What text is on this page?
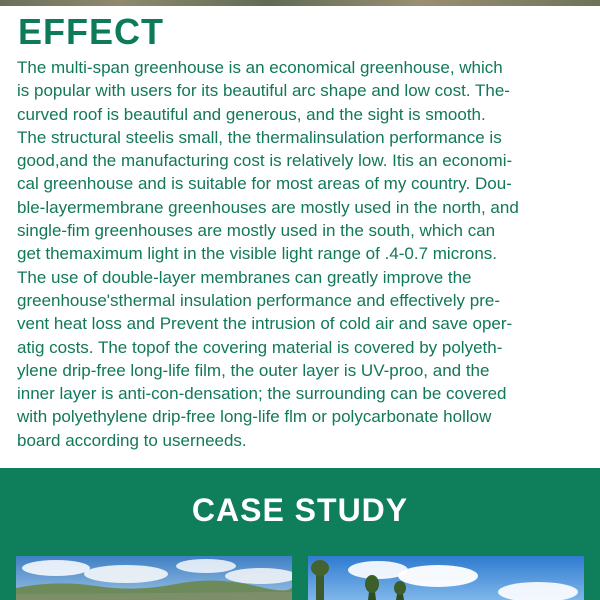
EFFECT
The multi-span greenhouse is an economical greenhouse, which
is popular with users for its beautiful arc shape and low cost. The-
curved roof is beautiful and generous, and the sight is smooth.
The structural steelis small, the thermalinsulation performance is
good,and the manufacturing cost is relatively low. Itis an economi-
cal greenhouse and is suitable for most areas of my country. Dou-
ble-layermembrane greenhouses are mostly used in the north, and
single-fim greenhouses are mostly used in the south, which can
get themaximum light in the visible light range of .4-0.7 microns.
The use of double-layer membranes can greatly improve the
greenhouse'sthermal insulation performance and effectively pre-
vent heat loss and Prevent the intrusion of cold air and save oper-
atig costs. The topof the covering material is covered by polyeth-
ylene drip-free long-life film, the outer layer is UV-proo, and the
inner layer is anti-con-densation; the surrounding can be covered
with polyethylene drip-free long-life flm or polycarbonate hollow
board according to userneeds.
CASE STUDY
